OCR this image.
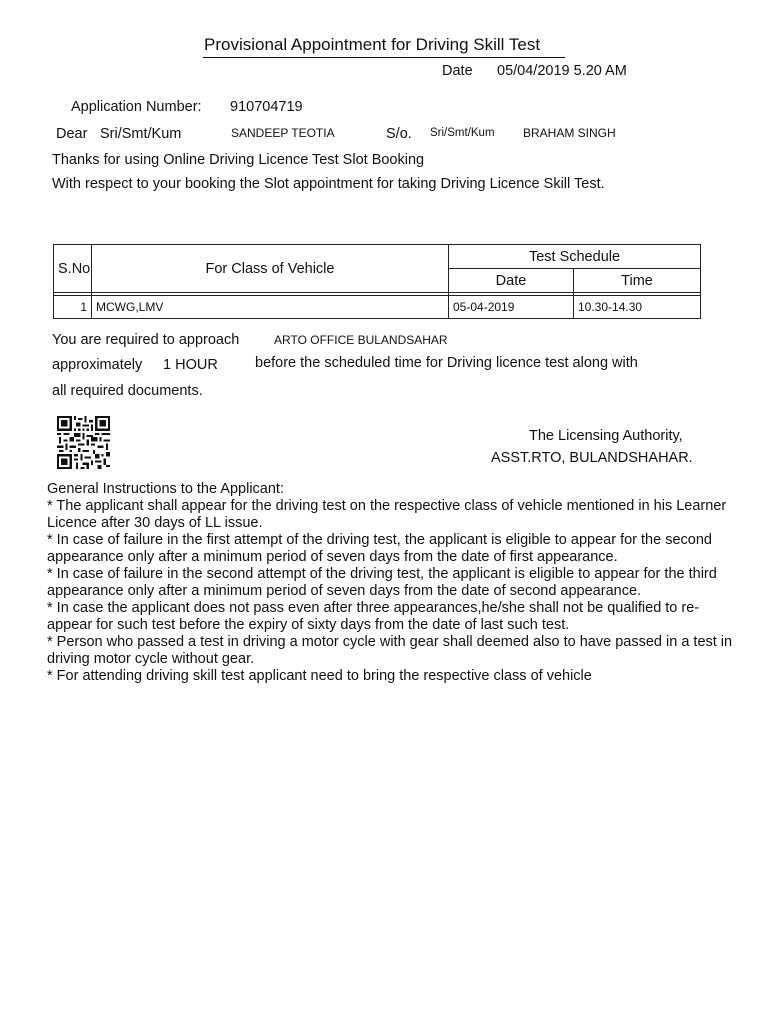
Provisional Appointment for Driving Skill Test
Date 05/04/2019 5.20 AM
Application Number: 910704719
Dear Sri/Smt/Kum	SANDEEP TEOTIA	S/o. Sri/Smt/Kum BRAHAM SINGH
Thanks for using Online Driving Licence Test Slot Booking
With respect to your booking the Slot appointment for taking Driving Licence Skill Test.
S.No	For Class of Vehicle	Test Schedule	
		Date	Time

1	MCWG,LMV	05-04-2019	10.30-14.30
You are required to approach	ARTO OFFICE BULANDSAHAR
approximately 1 HOUR	before the scheduled time for Driving licence test along with
all required documents.
The Licensing Authority,
ASST.RTO, BULANDSHAHAR.

General Instructions to the Applicant:

* The applicant shall appear for the driving test on the respective class of vehicle mentioned in his Learner Licence after 30 days of LL issue.

* In case of failure in the first attempt of the driving test, the applicant is eligible to appear for the second appearance only after a minimum period of seven days from the date of first appearance.

* In case of failure in the second attempt of the driving test, the applicant is eligible to appear for the third appearance only after a minimum period of seven days from the date of second appearance.

* In case the applicant does not pass even after three appearances,he/she shall not be qualified to re-appear for such test before the expiry of sixty days from the date of last such test.

* Person who passed a test in driving a motor cycle with gear shall deemed also to have passed in a test in driving motor cycle without gear.

* For attending driving skill test applicant need to bring the respective class of vehicle
